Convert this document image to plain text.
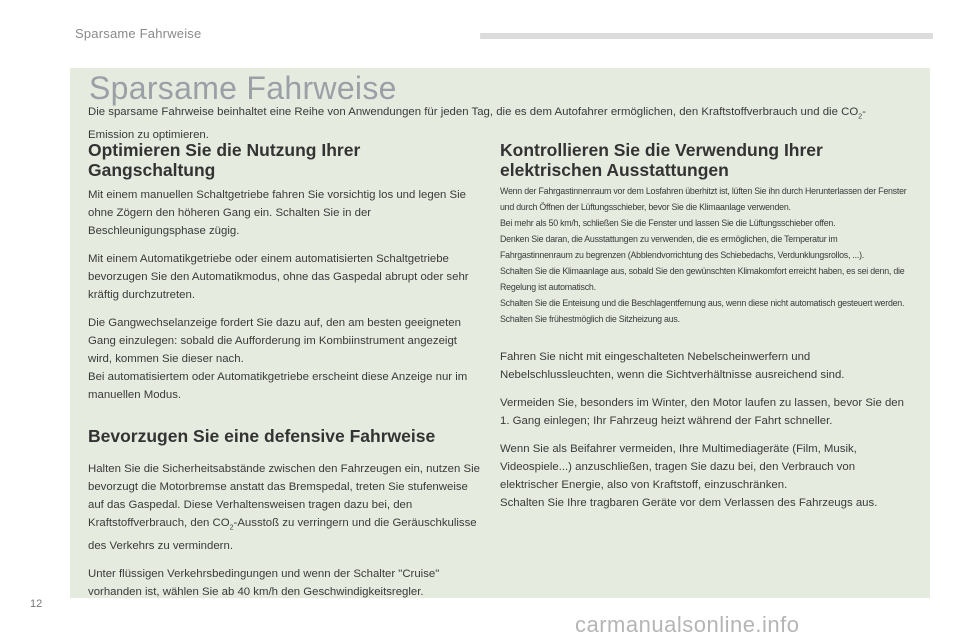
Sparsame Fahrweise
Sparsame Fahrweise

Die sparsame Fahrweise beinhaltet eine Reihe von Anwendungen für jeden Tag, die es dem Autofahrer ermöglichen, den Kraftstoffverbrauch und die $CO_2$-Emission zu optimieren.

Optimieren Sie die Nutzung Ihrer Gangschaltung

Mit einem manuellen Schaltgetriebe fahren Sie vorsichtig los und legen Sie ohne Zögern den höheren Gang ein. Schalten Sie in der Beschleunigungsphase zügig.

Mit einem Automatikgetriebe oder einem automatisierten Schaltgetriebe bevorzugen Sie den Automatikmodus, ohne das Gaspedal abrupt oder sehr kräftig durchzutreten.

Die Gangwechselanzeige fordert Sie dazu auf, den am besten geeigneten Gang einzulegen: sobald die Aufforderung im Kombiinstrument angezeigt wird, kommen Sie dieser nach.

Bei automatisiertem oder Automatikgetriebe erscheint diese Anzeige nur im manuellen Modus.

Bevorzugen Sie eine defensive Fahrweise

Halten Sie die Sicherheitsabstände zwischen den Fahrzeugen ein, nutzen Sie bevorzugt die Motorbremse anstatt das Bremspedal, treten Sie stufenweise auf das Gaspedal. Diese Verhaltensweisen tragen dazu bei, den Kraftstoffverbrauch, den $CO_2$-Ausstoß zu verringern und die Geräuschkulisse des Verkehrs zu vermindern.

Unter flüssigen Verkehrsbedingungen und wenn der Schalter "Cruise" vorhanden ist, wählen Sie ab 40 km/h den Geschwindigkeitsregler.

Kontrollieren Sie die Verwendung Ihrer elektrischen Ausstattungen

Wenn der Fahrgastinnenraum vor dem Losfahren überhitzt ist, lüften Sie ihn durch Herunterlassen der Fenster und durch Öffnen der Lüftungsschieber, bevor Sie die Klimaanlage verwenden.

Bei mehr als 50 km/h, schließen Sie die Fenster und lassen Sie die Lüftungsschieber offen.

Denken Sie daran, die Ausstattungen zu verwenden, die es ermöglichen, die Temperatur im Fahrgastinnenraum zu begrenzen (Abblendvorrichtung des Schiebedachs, Verdunklungsrollos, ...).

Schalten Sie die Klimaanlage aus, sobald Sie den gewünschten Klimakomfort erreicht haben, es sei denn, die Regelung ist automatisch.

Schalten Sie die Enteisung und die Beschlagentfernung aus, wenn diese nicht automatisch gesteuert werden.

Schalten Sie frühestmöglich die Sitzheizung aus.

Fahren Sie nicht mit eingeschalteten Nebelscheinwerfern und Nebelschlussleuchten, wenn die Sichtverhältnisse ausreichend sind.

Vermeiden Sie, besonders im Winter, den Motor laufen zu lassen, bevor Sie den 1. Gang einlegen; Ihr Fahrzeug heizt während der Fahrt schneller.

Wenn Sie als Beifahrer vermeiden, Ihre Multimediageräte (Film, Musik, Videospiele...) anzuschließen, tragen Sie dazu bei, den Verbrauch von elektrischer Energie, also von Kraftstoff, einzuschränken.

Schalten Sie Ihre tragbaren Geräte vor dem Verlassen des Fahrzeugs aus.

12
carmanualsonline.info
